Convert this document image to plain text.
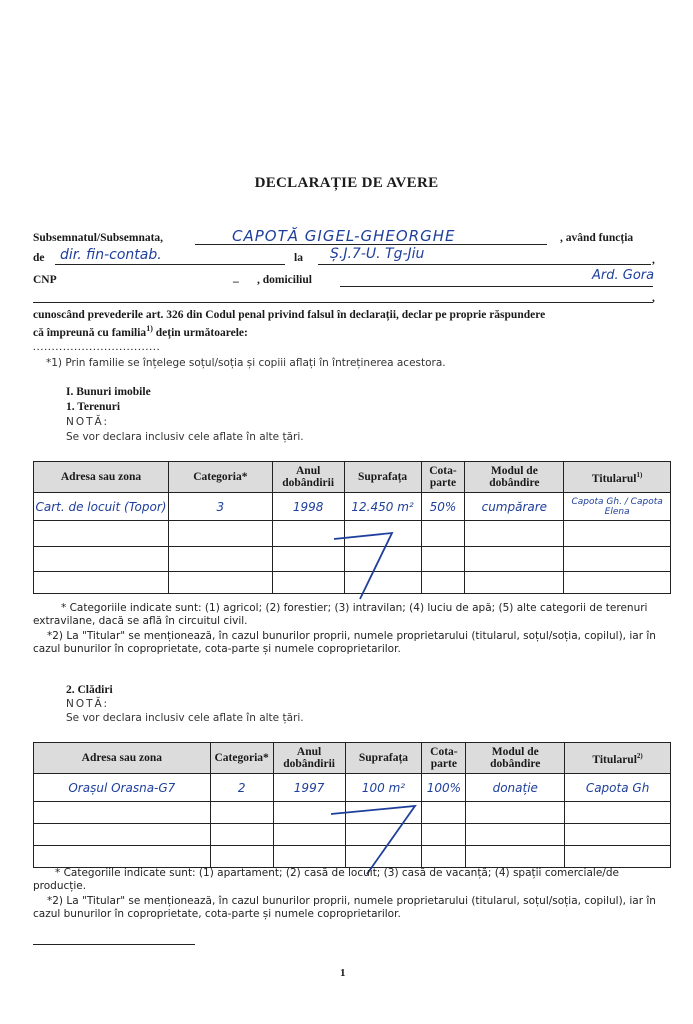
DECLARAȚIE DE AVERE
Subsemnatul/Subsemnata,	CAPOTĂ GIGEL-GHEORGHE	, având funcția
de dir. fin-contab.	la Ș.J.7-U. Tg-Jiu	,
CNP	_ , domiciliul	Ard. Gora
,
cunoscând prevederile art. 326 din Codul penal privind falsul în declarații, declar pe proprie răspundere
că împreună cu familia$^{1)}$ dețin următoarele:
..................................
*1) Prin familie se înțelege soțul/soția și copiii aflați în întreținerea acestora.
I. Bunuri imobile
1. Terenuri
NOTĂ:
Se vor declara inclusiv cele aflate în alte țări.
Adresa sau zona	Categoria*	Anul dobândirii	Suprafața	Cota-parte	Modul de dobândire	Titularul$^{1)}$
Cart. de locuit (Topor)	3	1998	12.450 m²	50%	cumpărare	Capota Gh. / Capota Elena

* Categoriile indicate sunt: (1) agricol; (2) forestier; (3) intravilan; (4) luciu de apă; (5) alte categorii de terenuri extravilane, dacă se află în circuitul civil.
*2) La "Titular" se menționează, în cazul bunurilor proprii, numele proprietarului (titularul, soțul/soția, copilul), iar în cazul bunurilor în coproprietate, cota-parte și numele coproprietarilor.
2. Clădiri
NOTĂ:
Se vor declara inclusiv cele aflate în alte țări.
Adresa sau zona	Categoria*	Anul dobândirii	Suprafața	Cota-parte	Modul de dobândire	Titularul$^{2)}$
Orașul Orasna-G7	2	1997	100 m²	100%	donație	Capota Gh

* Categoriile indicate sunt: (1) apartament; (2) casă de locuit; (3) casă de vacanță; (4) spații comerciale/de producție.
*2) La "Titular" se menționează, în cazul bunurilor proprii, numele proprietarului (titularul, soțul/soția, copilul), iar în cazul bunurilor în coproprietate, cota-parte și numele coproprietarilor.
1
